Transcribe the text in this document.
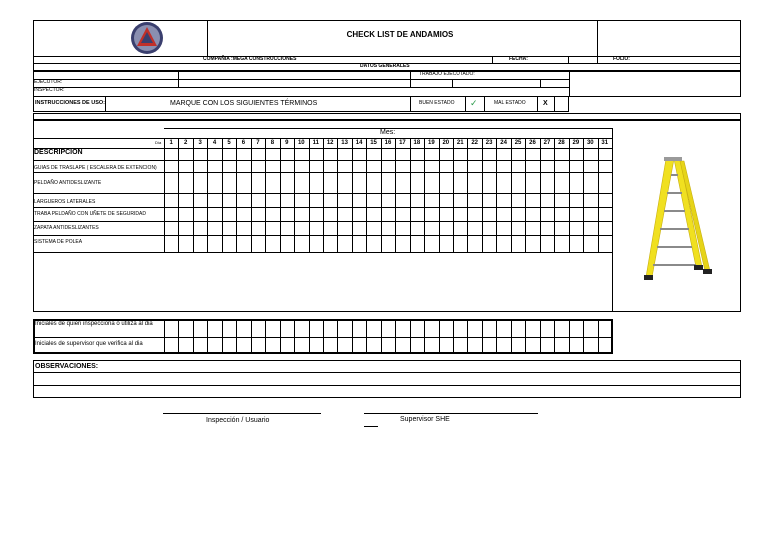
CHECK LIST DE ANDAMIOS
COMPAÑIA :MEGA CONSTRUCCIONES	FECHA:	FOLIO:
DATOS GENERALES
TRABAJO EJECUTADO:
EJECUTOR:
INSPECTOR:
INSTRUCCIONES DE USO:	MARQUE CON LOS SIGUIENTES TÉRMINOS	BUEN ESTADO ✓	MAL ESTADO X
Mes:
Día
DESCRIPCION
1	2	3	4	5	6	7	8	9	10	11	12	13	14	15	16	17	18	19	20	21	22	23	24	25	26	27	28	29	30	31
GUIAS DE TRASLAPE ( ESCALERA DE EXTENCION)
PELDAÑO ANTIDESLIZANTE
LARGUEROS LATERALES
TRABA PELDAÑO CON UÑETE DE SEGURIDAD
ZAPATA ANTIDESLIZANTES
SISTEMA DE POLEA
Iniciales de quien inspecciona o utiliza al dia
Iniciales de supervisor que verifica al dia
OBSERVACIONES:
Inspección / Usuario	Supervisor SHE
